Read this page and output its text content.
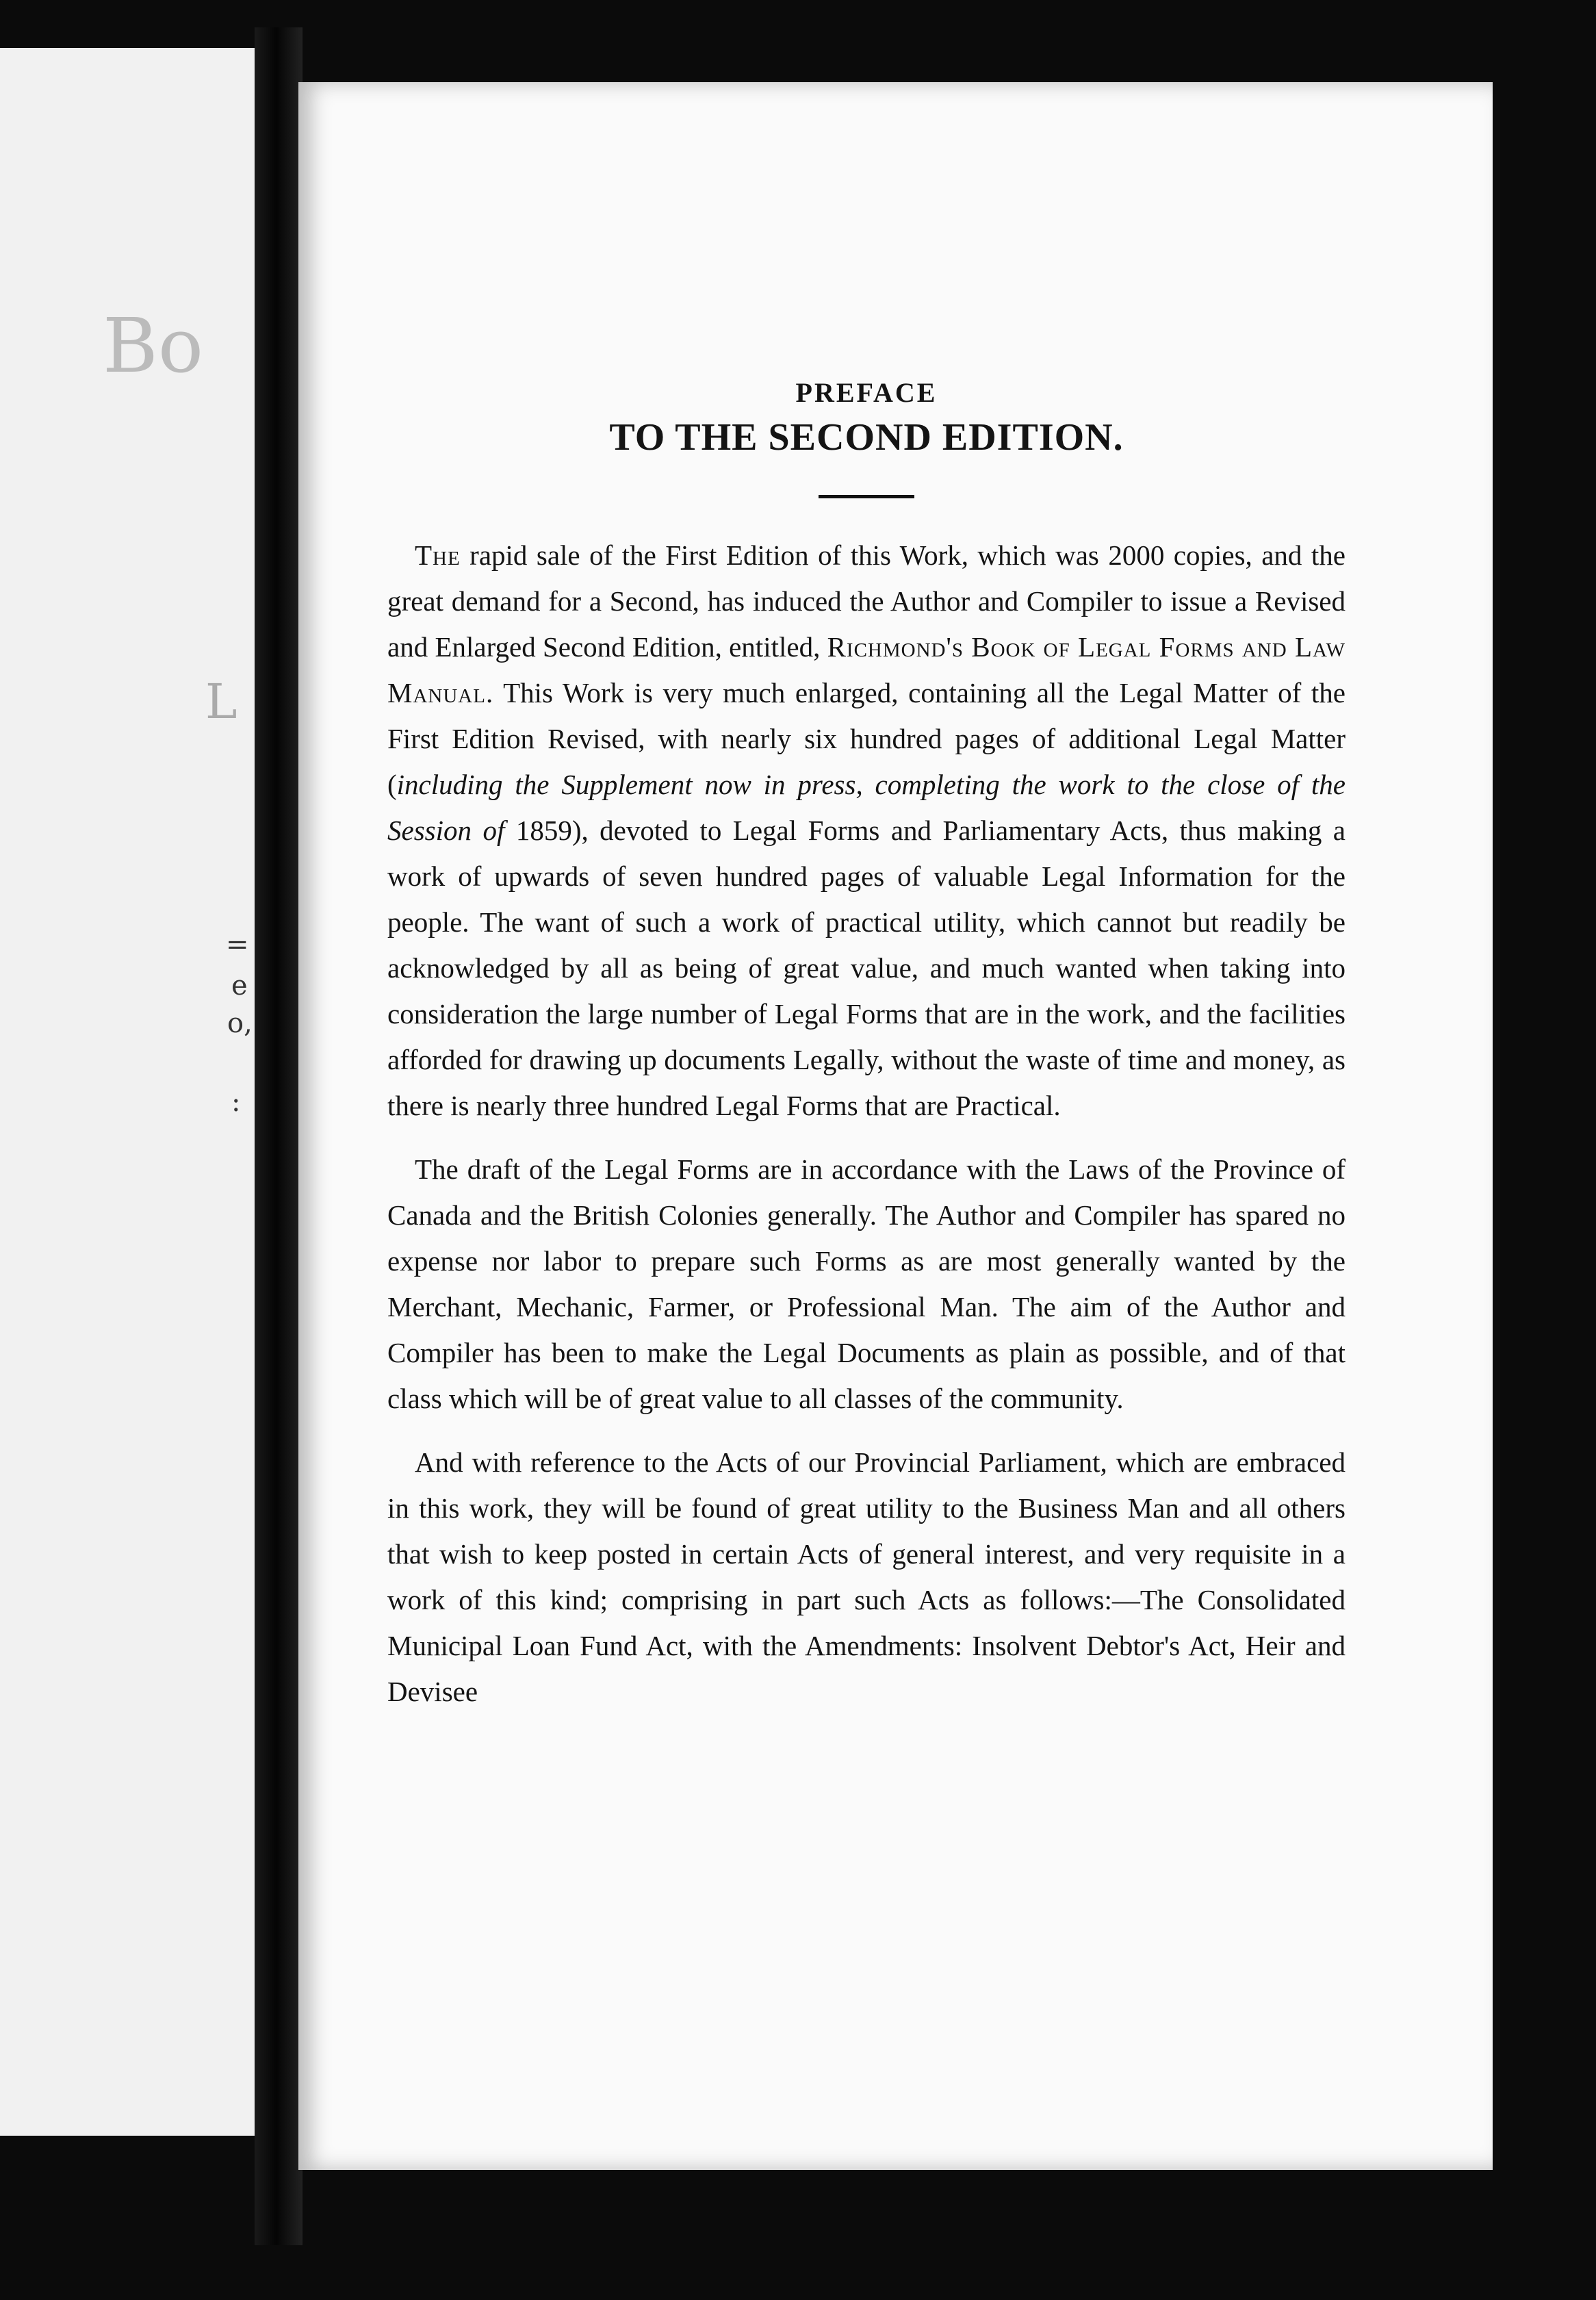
Bo
L
=
e
o,
:
PREFACE
TO THE SECOND EDITION.

The rapid sale of the First Edition of this Work, which was 2000 copies, and the great demand for a Second, has induced the Author and Compiler to issue a Revised and Enlarged Second Edition, entitled, Richmond's Book of Legal Forms and Law Manual. This Work is very much enlarged, containing all the Legal Matter of the First Edition Revised, with nearly six hundred pages of additional Legal Matter (including the Supplement now in press, completing the work to the close of the Session of 1859), devoted to Legal Forms and Parliamentary Acts, thus making a work of upwards of seven hundred pages of valuable Legal Information for the people. The want of such a work of practical utility, which cannot but readily be acknowledged by all as being of great value, and much wanted when taking into consideration the large number of Legal Forms that are in the work, and the facilities afforded for drawing up documents Legally, without the waste of time and money, as there is nearly three hundred Legal Forms that are Practical.

The draft of the Legal Forms are in accordance with the Laws of the Province of Canada and the British Colonies generally. The Author and Compiler has spared no expense nor labor to prepare such Forms as are most generally wanted by the Merchant, Mechanic, Farmer, or Professional Man. The aim of the Author and Compiler has been to make the Legal Documents as plain as possible, and of that class which will be of great value to all classes of the community.

And with reference to the Acts of our Provincial Parliament, which are embraced in this work, they will be found of great utility to the Business Man and all others that wish to keep posted in certain Acts of general interest, and very requisite in a work of this kind; comprising in part such Acts as follows:—The Consolidated Municipal Loan Fund Act, with the Amendments: Insolvent Debtor's Act, Heir and Devisee
